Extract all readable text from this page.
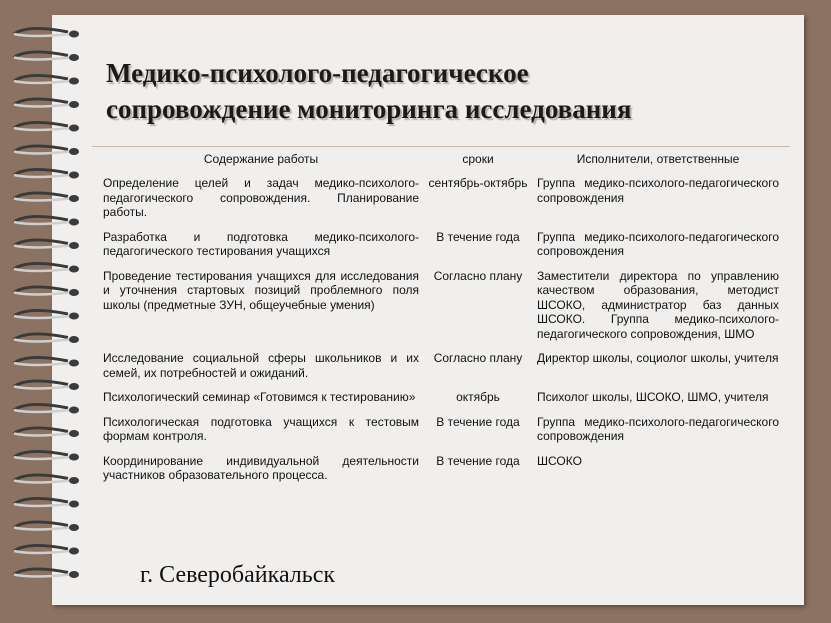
Медико-психолого-педагогическое
сопровождение мониторинга исследования
Содержание работы	сроки	Исполнители, ответственные
Определение целей и задач медико-психолого-педагогического сопровождения. Планирование работы.	сентябрь-октябрь	Группа медико-психолого-педагогического сопровождения
Разработка и подготовка медико-психолого-педагогического тестирования учащихся	В течение года	Группа медико-психолого-педагогического сопровождения
Проведение тестирования учащихся для исследования и уточнения стартовых позиций проблемного поля школы (предметные ЗУН, общеучебные умения)	Согласно плану	Заместители директора по управлению качеством образования, методист ШСОКО, администратор баз данных ШСОКО. Группа медико-психолого-педагогического сопровождения, ШМО
Исследование социальной сферы школьников и их семей, их потребностей и ожиданий.	Согласно плану	Директор школы, социолог школы, учителя
Психологический семинар «Готовимся к тестированию»	октябрь	Психолог школы, ШСОКО, ШМО, учителя
Психологическая подготовка учащихся к тестовым формам контроля.	В течение года	Группа медико-психолого-педагогического сопровождения
Координирование индивидуальной деятельности участников образовательного процесса.	В течение года	ШСОКО
г. Северобайкальск
